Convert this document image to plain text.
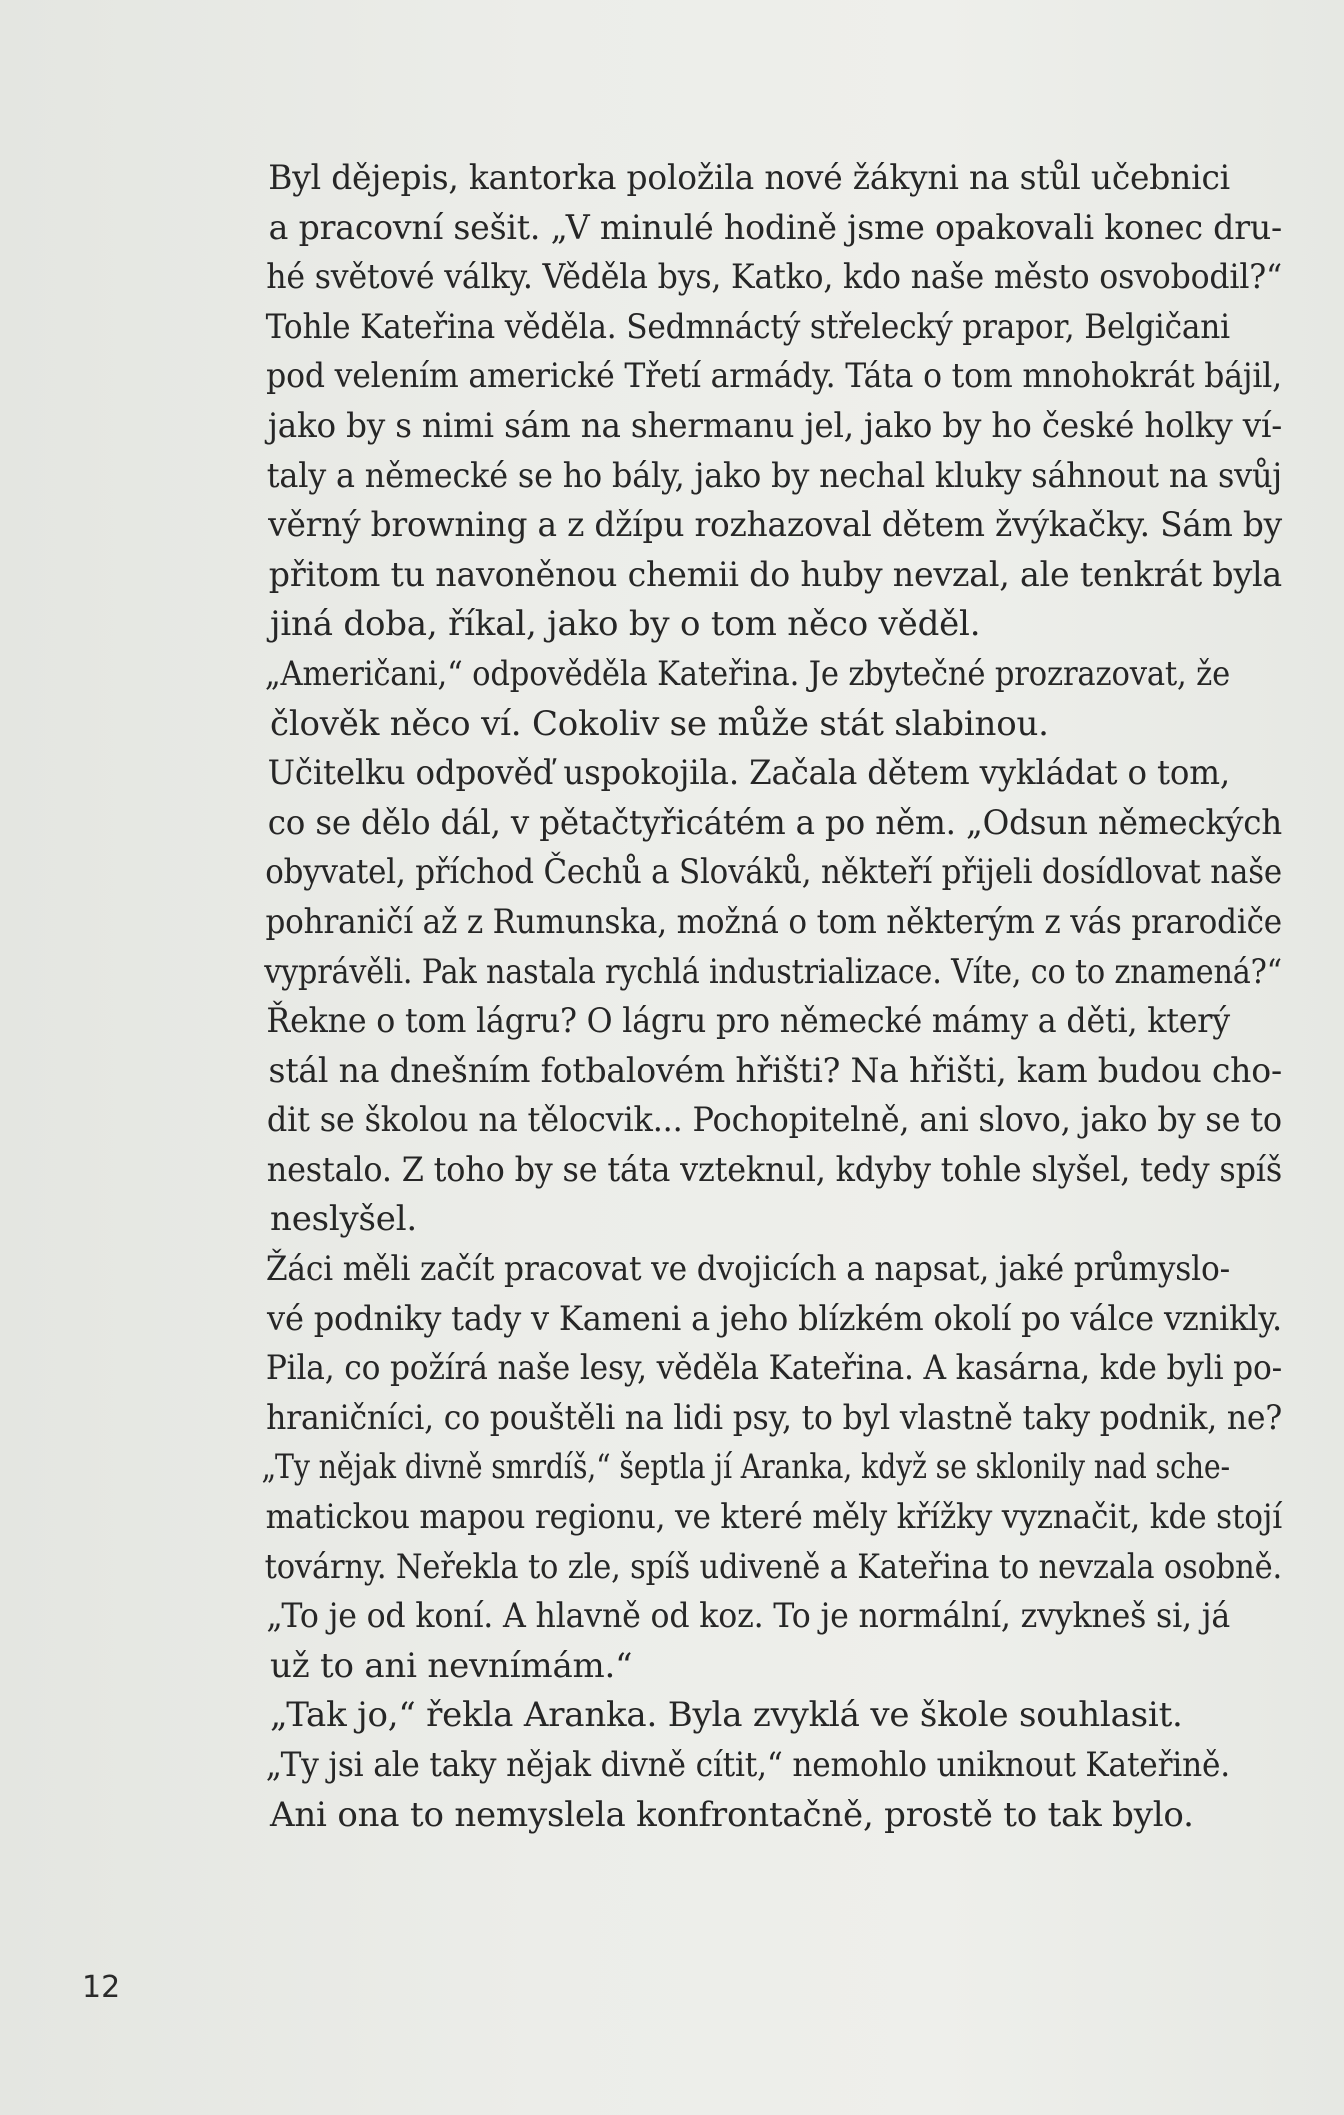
Byl dějepis, kantorka položila nové žákyni na stůl učebnici
a pracovní sešit. „V minulé hodině jsme opakovali konec dru-
hé světové války. Věděla bys, Katko, kdo naše město osvobodil?“

Tohle Kateřina věděla. Sedmnáctý střelecký prapor, Belgičani
pod velením americké Třetí armády. Táta o tom mnohokrát bájil,
jako by s nimi sám na shermanu jel, jako by ho české holky ví-
taly a německé se ho bály, jako by nechal kluky sáhnout na svůj
věrný browning a z džípu rozhazoval dětem žvýkačky. Sám by
přitom tu navoněnou chemii do huby nevzal, ale tenkrát byla
jiná doba, říkal, jako by o tom něco věděl.

„Američani,“ odpověděla Kateřina. Je zbytečné prozrazovat, že
člověk něco ví. Cokoliv se může stát slabinou.

Učitelku odpověď uspokojila. Začala dětem vykládat o tom,
co se dělo dál, v pětačtyřicátém a po něm. „Odsun německých
obyvatel, příchod Čechů a Slováků, někteří přijeli dosídlovat naše
pohraničí až z Rumunska, možná o tom některým z vás prarodiče
vyprávěli. Pak nastala rychlá industrializace. Víte, co to znamená?“

Řekne o tom lágru? O lágru pro německé mámy a děti, který
stál na dnešním fotbalovém hřišti? Na hřišti, kam budou cho-
dit se školou na tělocvik... Pochopitelně, ani slovo, jako by se to
nestalo. Z toho by se táta vzteknul, kdyby tohle slyšel, tedy spíš
neslyšel.

Žáci měli začít pracovat ve dvojicích a napsat, jaké průmyslo-
vé podniky tady v Kameni a jeho blízkém okolí po válce vznikly.
Pila, co požírá naše lesy, věděla Kateřina. A kasárna, kde byli po-
hraničníci, co pouštěli na lidi psy, to byl vlastně taky podnik, ne?

„Ty nějak divně smrdíš,“ šeptla jí Aranka, když se sklonily nad sche-
matickou mapou regionu, ve které měly křížky vyznačit, kde stojí
továrny. Neřekla to zle, spíš udiveně a Kateřina to nevzala osobně.

„To je od koní. A hlavně od koz. To je normální, zvykneš si, já
už to ani nevnímám.“

„Tak jo,“ řekla Aranka. Byla zvyklá ve škole souhlasit.

„Ty jsi ale taky nějak divně cítit,“ nemohlo uniknout Kateřině.
Ani ona to nemyslela konfrontačně, prostě to tak bylo.

12
